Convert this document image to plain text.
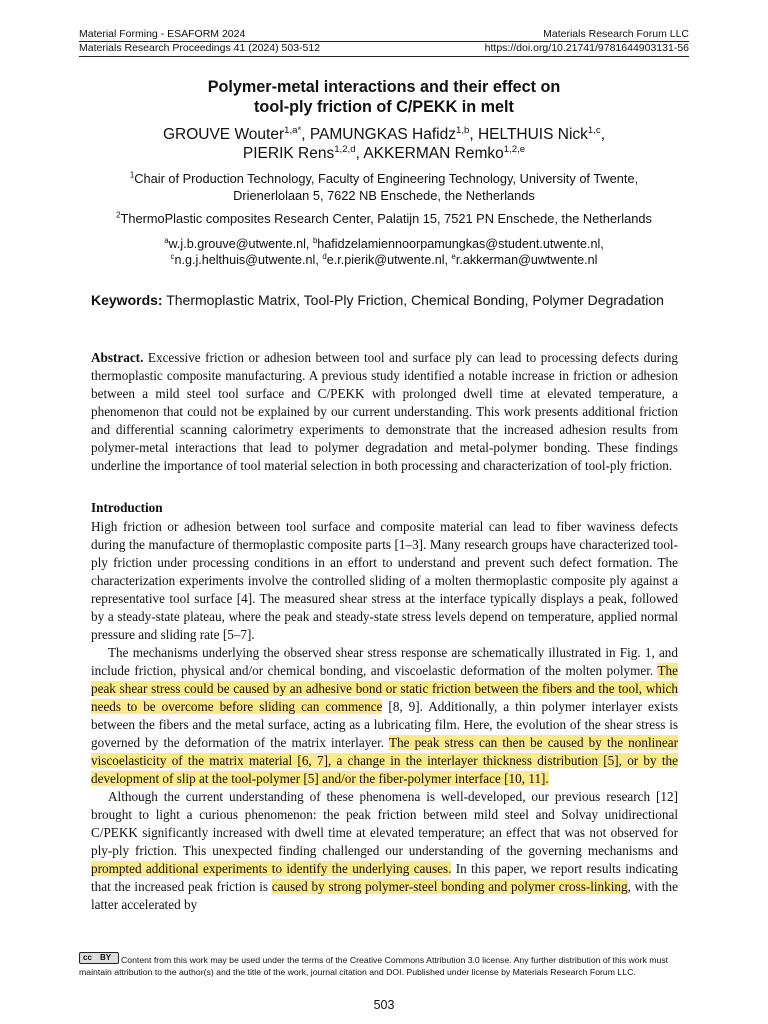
Material Forming - ESAFORM 2024	Materials Research Forum LLC
Materials Research Proceedings 41 (2024) 503-512	https://doi.org/10.21741/9781644903131-56
Polymer-metal interactions and their effect on
tool-ply friction of C/PEKK in melt
GROUVE Wouter$^{1,a*}$, PAMUNGKAS Hafidz$^{1,b}$, HELTHUIS Nick$^{1,c}$,
PIERIK Rens$^{1,2,d}$, AKKERMAN Remko$^{1,2,e}$
$^1$Chair of Production Technology, Faculty of Engineering Technology, University of Twente,
Drienerlolaan 5, 7622 NB Enschede, the Netherlands
$^2$ThermoPlastic composites Research Center, Palatijn 15, 7521 PN Enschede, the Netherlands
$^a$w.j.b.grouve@utwente.nl, $^b$hafidzelamiennoorpamungkas@student.utwente.nl,
$^c$n.g.j.helthuis@utwente.nl, $^d$e.r.pierik@utwente.nl, $^e$r.akkerman@uwtwente.nl
Keywords: Thermoplastic Matrix, Tool-Ply Friction, Chemical Bonding, Polymer Degradation

Abstract. Excessive friction or adhesion between tool and surface ply can lead to processing defects during thermoplastic composite manufacturing. A previous study identified a notable increase in friction or adhesion between a mild steel tool surface and C/PEKK with prolonged dwell time at elevated temperature, a phenomenon that could not be explained by our current understanding. This work presents additional friction and differential scanning calorimetry experiments to demonstrate that the increased adhesion results from polymer-metal interactions that lead to polymer degradation and metal-polymer bonding. These findings underline the importance of tool material selection in both processing and characterization of tool-ply friction.

Introduction

High friction or adhesion between tool surface and composite material can lead to fiber waviness defects during the manufacture of thermoplastic composite parts [1–3]. Many research groups have characterized tool-ply friction under processing conditions in an effort to understand and prevent such defect formation. The characterization experiments involve the controlled sliding of a molten thermoplastic composite ply against a representative tool surface [4]. The measured shear stress at the interface typically displays a peak, followed by a steady-state plateau, where the peak and steady-state stress levels depend on temperature, applied normal pressure and sliding rate [5–7].

The mechanisms underlying the observed shear stress response are schematically illustrated in Fig. 1, and include friction, physical and/or chemical bonding, and viscoelastic deformation of the molten polymer. The peak shear stress could be caused by an adhesive bond or static friction between the fibers and the tool, which needs to be overcome before sliding can commence [8, 9]. Additionally, a thin polymer interlayer exists between the fibers and the metal surface, acting as a lubricating film. Here, the evolution of the shear stress is governed by the deformation of the matrix interlayer. The peak stress can then be caused by the nonlinear viscoelasticity of the matrix material [6, 7], a change in the interlayer thickness distribution [5], or by the development of slip at the tool-polymer [5] and/or the fiber-polymer interface [10, 11].

Although the current understanding of these phenomena is well-developed, our previous research [12] brought to light a curious phenomenon: the peak friction between mild steel and Solvay unidirectional C/PEKK significantly increased with dwell time at elevated temperature; an effect that was not observed for ply-ply friction. This unexpected finding challenged our understanding of the governing mechanisms and prompted additional experiments to identify the underlying causes. In this paper, we report results indicating that the increased peak friction is caused by strong polymer-steel bonding and polymer cross-linking, with the latter accelerated by

cc BY Content from this work may be used under the terms of the Creative Commons Attribution 3.0 license. Any further distribution of this work must maintain attribution to the author(s) and the title of the work, journal citation and DOI. Published under license by Materials Research Forum LLC.
503
